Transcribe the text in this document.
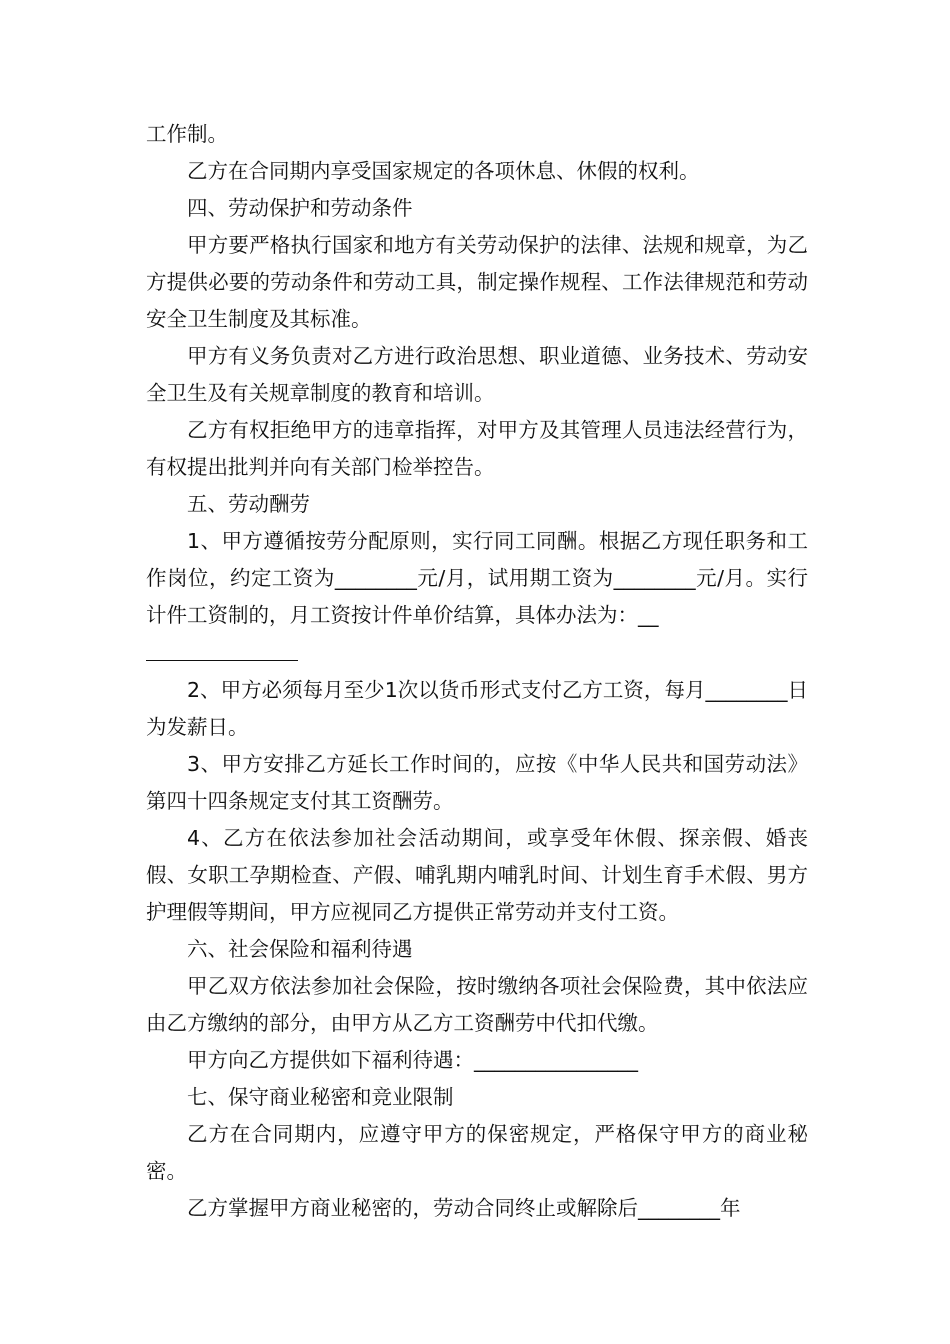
工作制。

乙方在合同期内享受国家规定的各项休息、休假的权利。

四、劳动保护和劳动条件

甲方要严格执行国家和地方有关劳动保护的法律、法规和规章，为乙方提供必要的劳动条件和劳动工具，制定操作规程、工作法律规范和劳动安全卫生制度及其标准。

甲方有义务负责对乙方进行政治思想、职业道德、业务技术、劳动安全卫生及有关规章制度的教育和培训。

乙方有权拒绝甲方的违章指挥，对甲方及其管理人员违法经营行为，有权提出批判并向有关部门检举控告。

五、劳动酬劳

1、甲方遵循按劳分配原则，实行同工同酬。根据乙方现任职务和工作岗位，约定工资为________元/月，试用期工资为________元/月。实行计件工资制的，月工资按计件单价结算，具体办法为：__

2、甲方必须每月至少1次以货币形式支付乙方工资，每月________日为发薪日。

3、甲方安排乙方延长工作时间的，应按《中华人民共和国劳动法》第四十四条规定支付其工资酬劳。

4、乙方在依法参加社会活动期间，或享受年休假、探亲假、婚丧假、女职工孕期检查、产假、哺乳期内哺乳时间、计划生育手术假、男方护理假等期间，甲方应视同乙方提供正常劳动并支付工资。

六、社会保险和福利待遇

甲乙双方依法参加社会保险，按时缴纳各项社会保险费，其中依法应由乙方缴纳的部分，由甲方从乙方工资酬劳中代扣代缴。

甲方向乙方提供如下福利待遇：________________

七、保守商业秘密和竞业限制

乙方在合同期内，应遵守甲方的保密规定，严格保守甲方的商业秘密。

乙方掌握甲方商业秘密的，劳动合同终止或解除后________年
